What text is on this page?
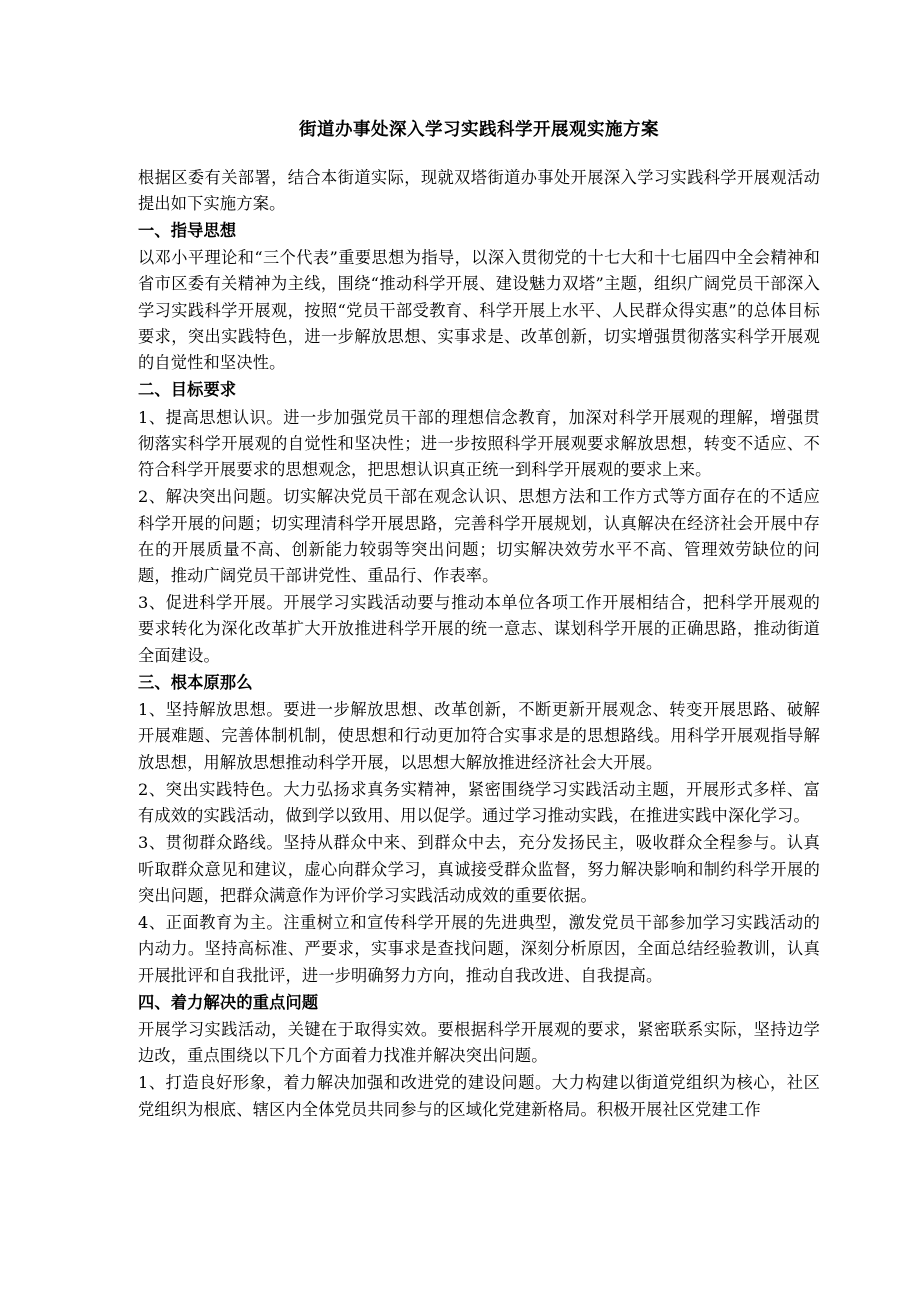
街道办事处深入学习实践科学开展观实施方案

根据区委有关部署，结合本街道实际，现就双塔街道办事处开展深入学习实践科学开展观活动提出如下实施方案。

一、指导思想

以邓小平理论和“三个代表”重要思想为指导，以深入贯彻党的十七大和十七届四中全会精神和省市区委有关精神为主线，围绕“推动科学开展、建设魅力双塔”主题，组织广阔党员干部深入学习实践科学开展观，按照“党员干部受教育、科学开展上水平、人民群众得实惠”的总体目标要求，突出实践特色，进一步解放思想、实事求是、改革创新，切实增强贯彻落实科学开展观的自觉性和坚决性。

二、目标要求

1、提高思想认识。进一步加强党员干部的理想信念教育，加深对科学开展观的理解，增强贯彻落实科学开展观的自觉性和坚决性；进一步按照科学开展观要求解放思想，转变不适应、不符合科学开展要求的思想观念，把思想认识真正统一到科学开展观的要求上来。

2、解决突出问题。切实解决党员干部在观念认识、思想方法和工作方式等方面存在的不适应科学开展的问题；切实理清科学开展思路，完善科学开展规划，认真解决在经济社会开展中存在的开展质量不高、创新能力较弱等突出问题；切实解决效劳水平不高、管理效劳缺位的问题，推动广阔党员干部讲党性、重品行、作表率。

3、促进科学开展。开展学习实践活动要与推动本单位各项工作开展相结合，把科学开展观的要求转化为深化改革扩大开放推进科学开展的统一意志、谋划科学开展的正确思路，推动街道全面建设。

三、根本原那么

1、坚持解放思想。要进一步解放思想、改革创新，不断更新开展观念、转变开展思路、破解开展难题、完善体制机制，使思想和行动更加符合实事求是的思想路线。用科学开展观指导解放思想，用解放思想推动科学开展，以思想大解放推进经济社会大开展。

2、突出实践特色。大力弘扬求真务实精神，紧密围绕学习实践活动主题，开展形式多样、富有成效的实践活动，做到学以致用、用以促学。通过学习推动实践，在推进实践中深化学习。

3、贯彻群众路线。坚持从群众中来、到群众中去，充分发扬民主，吸收群众全程参与。认真听取群众意见和建议，虚心向群众学习，真诚接受群众监督，努力解决影响和制约科学开展的突出问题，把群众满意作为评价学习实践活动成效的重要依据。

4、正面教育为主。注重树立和宣传科学开展的先进典型，激发党员干部参加学习实践活动的内动力。坚持高标准、严要求，实事求是查找问题，深刻分析原因，全面总结经验教训，认真开展批评和自我批评，进一步明确努力方向，推动自我改进、自我提高。

四、着力解决的重点问题

开展学习实践活动，关键在于取得实效。要根据科学开展观的要求，紧密联系实际，坚持边学边改，重点围绕以下几个方面着力找准并解决突出问题。

1、打造良好形象，着力解决加强和改进党的建设问题。大力构建以街道党组织为核心，社区党组织为根底、辖区内全体党员共同参与的区域化党建新格局。积极开展社区党建工作
